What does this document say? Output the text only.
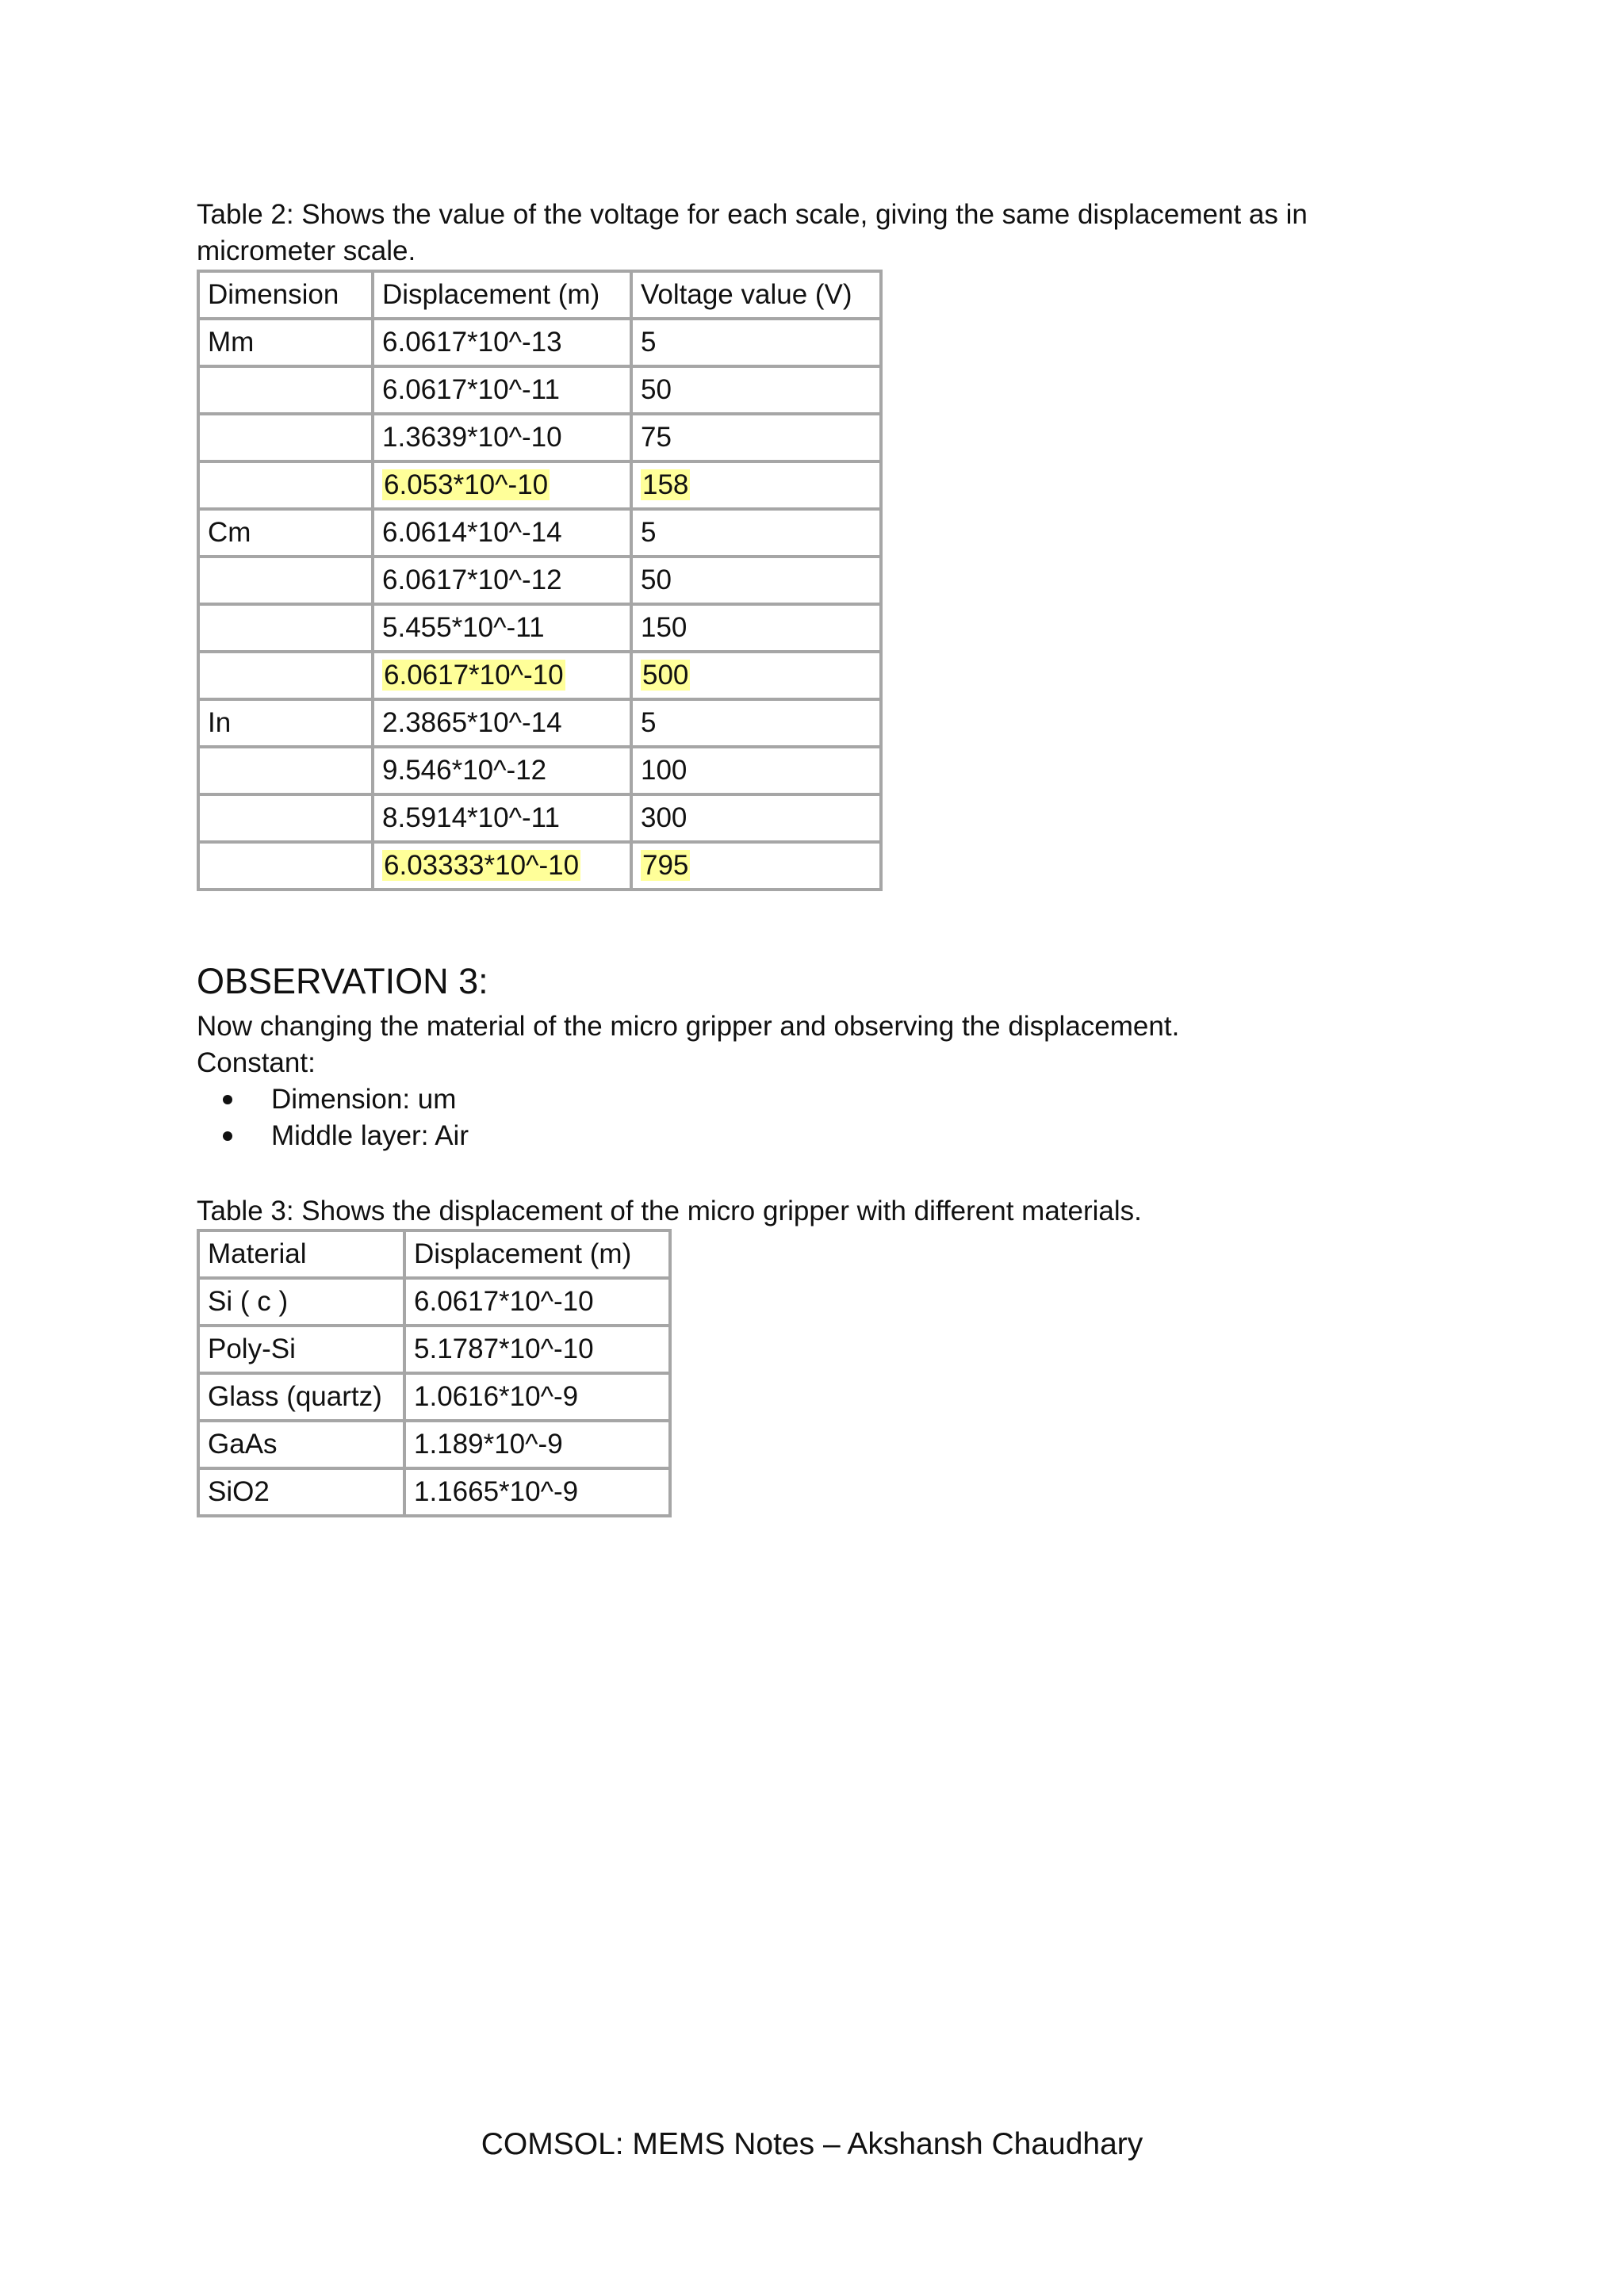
Table 2: Shows the value of the voltage for each scale, giving the same displacement as in micrometer scale.

Dimension	Displacement (m)	Voltage value (V)
Mm	6.0617*10^-13	5
	6.0617*10^-11	50
	1.3639*10^-10	75
	6.053*10^-10	158
Cm	6.0614*10^-14	5
	6.0617*10^-12	50
	5.455*10^-11	150
	6.0617*10^-10	500
In	2.3865*10^-14	5
	9.546*10^-12	100
	8.5914*10^-11	300
	6.03333*10^-10	795
OBSERVATION 3:

Now changing the material of the micro gripper and observing the displacement.

Constant:

Dimension: um
Middle layer: Air

Table 3: Shows the displacement of the micro gripper with different materials.

Material	Displacement (m)
Si ( c )	6.0617*10^-10
Poly-Si	5.1787*10^-10
Glass (quartz)	1.0616*10^-9
GaAs	1.189*10^-9
SiO2	1.1665*10^-9

COMSOL: MEMS Notes – Akshansh Chaudhary
